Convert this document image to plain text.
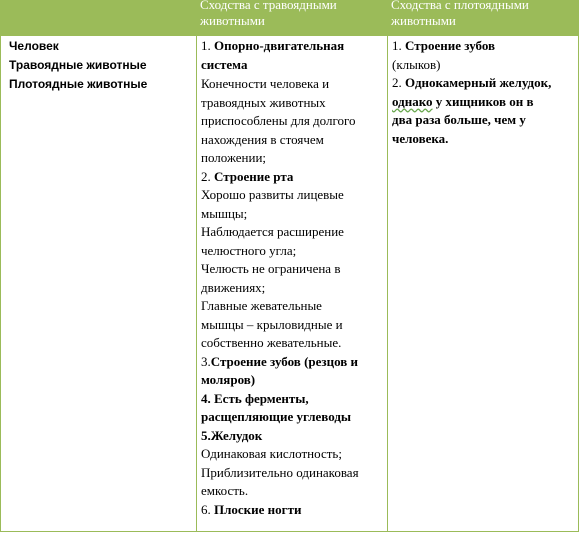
Сходства с травоядными
животными
Сходства с плотоядными
животными
Человек
Травоядные животные
Плотоядные животные

1. Опорно-двигательная

система

Конечности человека и

травоядных животных

приспособлены для долгого

нахождения в стоячем

положении;

2. Строение рта

Хорошо развиты лицевые

мышцы;

Наблюдается расширение

челюстного угла;

Челюсть не ограничена в

движениях;

Главные жевательные

мышцы – крыловидные и

собственно жевательные.

3.Строение зубов (резцов и

моляров)

4. Есть ферменты,

расщепляющие углеводы

5.Желудок

Одинаковая кислотность;

Приблизительно одинаковая

емкость.

6. Плоские ногти

1. Строение зубов

(клыков)

2. Однокамерный желудок,

однако у хищников он в

два раза больше, чем у

человека.
